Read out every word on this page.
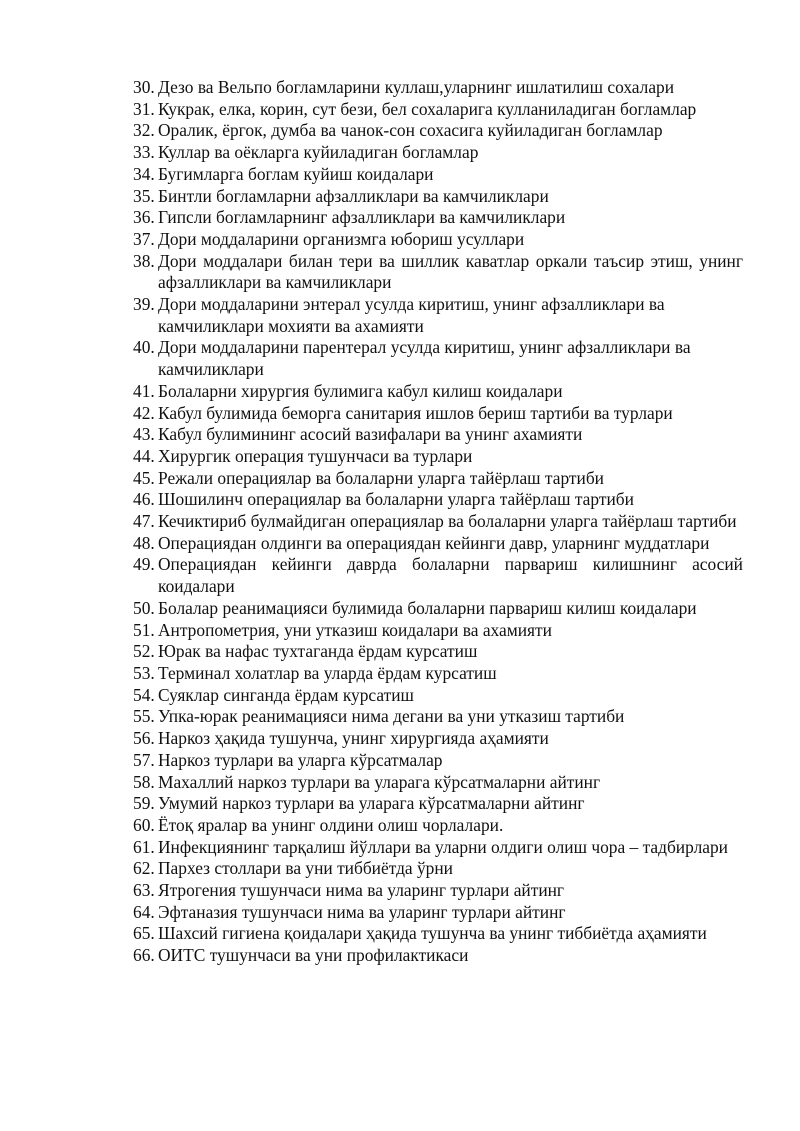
30. Дезо ва Вельпо богламларини куллаш,уларнинг ишлатилиш сохалари
31. Кукрак, елка, корин, сут бези, бел сохаларига кулланиладиган богламлар
32. Оралик, ёргок, думба ва чанок-сон сохасига куйиладиган богламлар
33. Куллар ва оёкларга куйиладиган богламлар
34. Бугимларга боглам куйиш коидалари
35. Бинтли богламларни афзалликлари ва камчиликлари
36. Гипсли богламларнинг афзалликлари ва камчиликлари
37. Дори моддаларини организмга юбориш усуллари
38. Дори моддалари билан тери ва шиллик каватлар оркали таъсир этиш, унинг афзалликлари ва камчиликлари
39. Дори моддаларини энтерал усулда киритиш, унинг афзалликлари ва камчиликлари мохияти ва ахамияти
40. Дори моддаларини парентерал усулда киритиш, унинг афзалликлари ва камчиликлари
41. Болаларни хирургия булимига кабул килиш коидалари
42. Кабул булимида беморга санитария ишлов бериш тартиби ва турлари
43. Кабул булимининг асосий вазифалари ва унинг ахамияти
44. Хирургик операция тушунчаси ва турлари
45. Режали операциялар ва болаларни уларга тайёрлаш тартиби
46. Шошилинч операциялар ва болаларни уларга тайёрлаш тартиби
47. Кечиктириб булмайдиган операциялар ва болаларни уларга тайёрлаш тартиби
48. Операциядан олдинги ва операциядан кейинги давр, уларнинг муддатлари
49. Операциядан кейинги даврда болаларни парвариш килишнинг асосий коидалари
50. Болалар реанимацияси булимида болаларни парвариш килиш коидалари
51. Антропометрия, уни утказиш коидалари ва ахамияти
52. Юрак ва нафас тухтаганда ёрдам курсатиш
53. Терминал холатлар ва уларда ёрдам курсатиш
54. Суяклар синганда ёрдам курсатиш
55. Упка-юрак реанимацияси нима дегани ва уни утказиш тартиби
56. Наркоз ҳақида тушунча, унинг хирургияда аҳамияти
57. Наркоз турлари ва уларга кўрсатмалар
58. Махаллий наркоз турлари ва уларага кўрсатмаларни айтинг
59. Умумий наркоз турлари ва уларага кўрсатмаларни айтинг
60. Ётоқ яралар ва унинг олдини олиш чорлалари.
61. Инфекциянинг тарқалиш йўллари ва уларни олдиги олиш чора – тадбирлари
62. Пархез столлари ва уни тиббиётда ўрни
63. Ятрогения тушунчаси нима ва уларинг турлари айтинг
64. Эфтаназия тушунчаси нима ва уларинг турлари айтинг
65. Шахсий гигиена қоидалари ҳақида тушунча ва унинг тиббиётда аҳамияти
66. ОИТС тушунчаси ва уни профилактикаси
